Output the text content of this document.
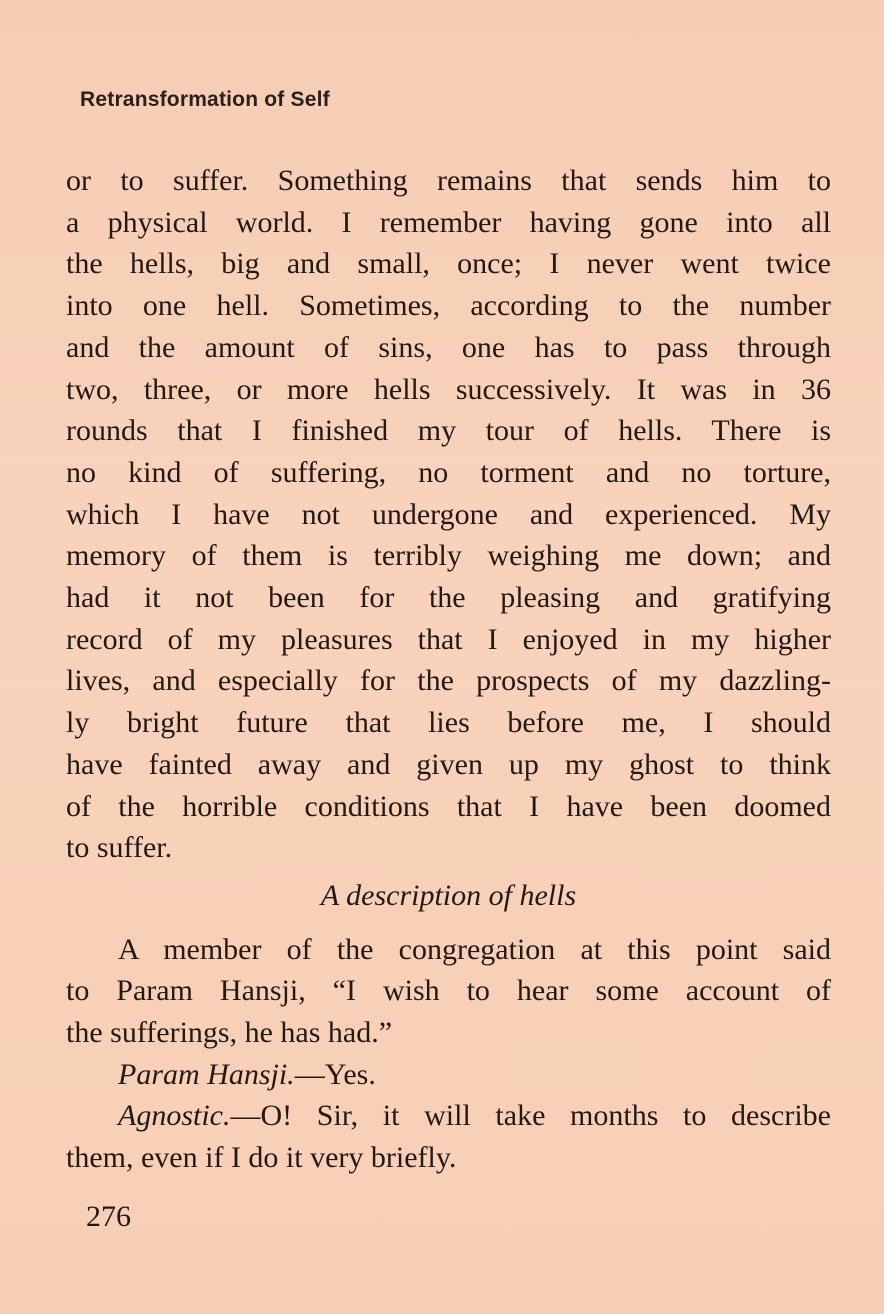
Retransformation of Self
or to suffer. Something remains that sends him to
a physical world. I remember having gone into all
the hells, big and small, once; I never went twice
into one hell. Sometimes, according to the number
and the amount of sins, one has to pass through
two, three, or more hells successively. It was in 36
rounds that I finished my tour of hells. There is
no kind of suffering, no torment and no torture,
which I have not undergone and experienced. My
memory of them is terribly weighing me down; and
had it not been for the pleasing and gratifying
record of my pleasures that I enjoyed in my higher
lives, and especially for the prospects of my dazzling-
ly bright future that lies before me, I should
have fainted away and given up my ghost to think
of the horrible conditions that I have been doomed
to suffer.
A description of hells
A member of the congregation at this point said
to Param Hansji, “I wish to hear some account of
the sufferings, he has had.”
Param Hansji.—Yes.
Agnostic.—O! Sir, it will take months to describe
them, even if I do it very briefly.
276
